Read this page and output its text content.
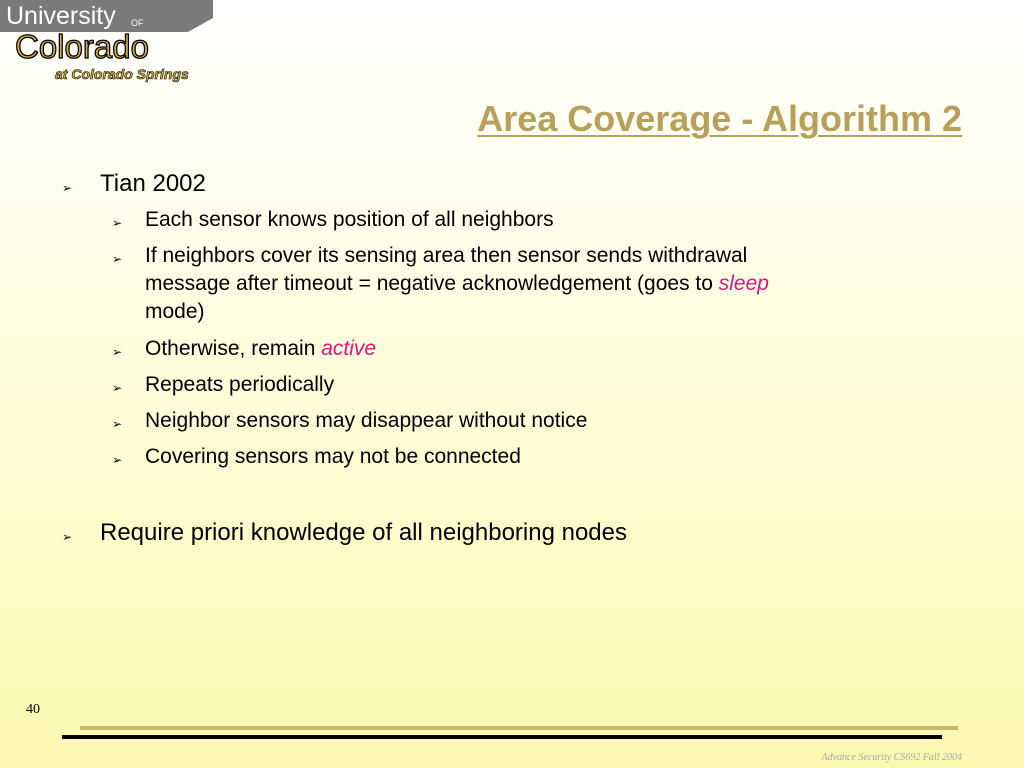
University OF
Colorado
at Colorado Springs
Area Coverage - Algorithm 2
➢ Tian 2002
➢ Each sensor knows position of all neighbors
➢ If neighbors cover its sensing area then sensor sends withdrawal
message after timeout = negative acknowledgement (goes to sleep
mode)
➢ Otherwise, remain active
➢ Repeats periodically
➢ Neighbor sensors may disappear without notice
➢ Covering sensors may not be connected
➢ Require priori knowledge of all neighboring nodes
40
Advance Security CS692 Fall 2004
